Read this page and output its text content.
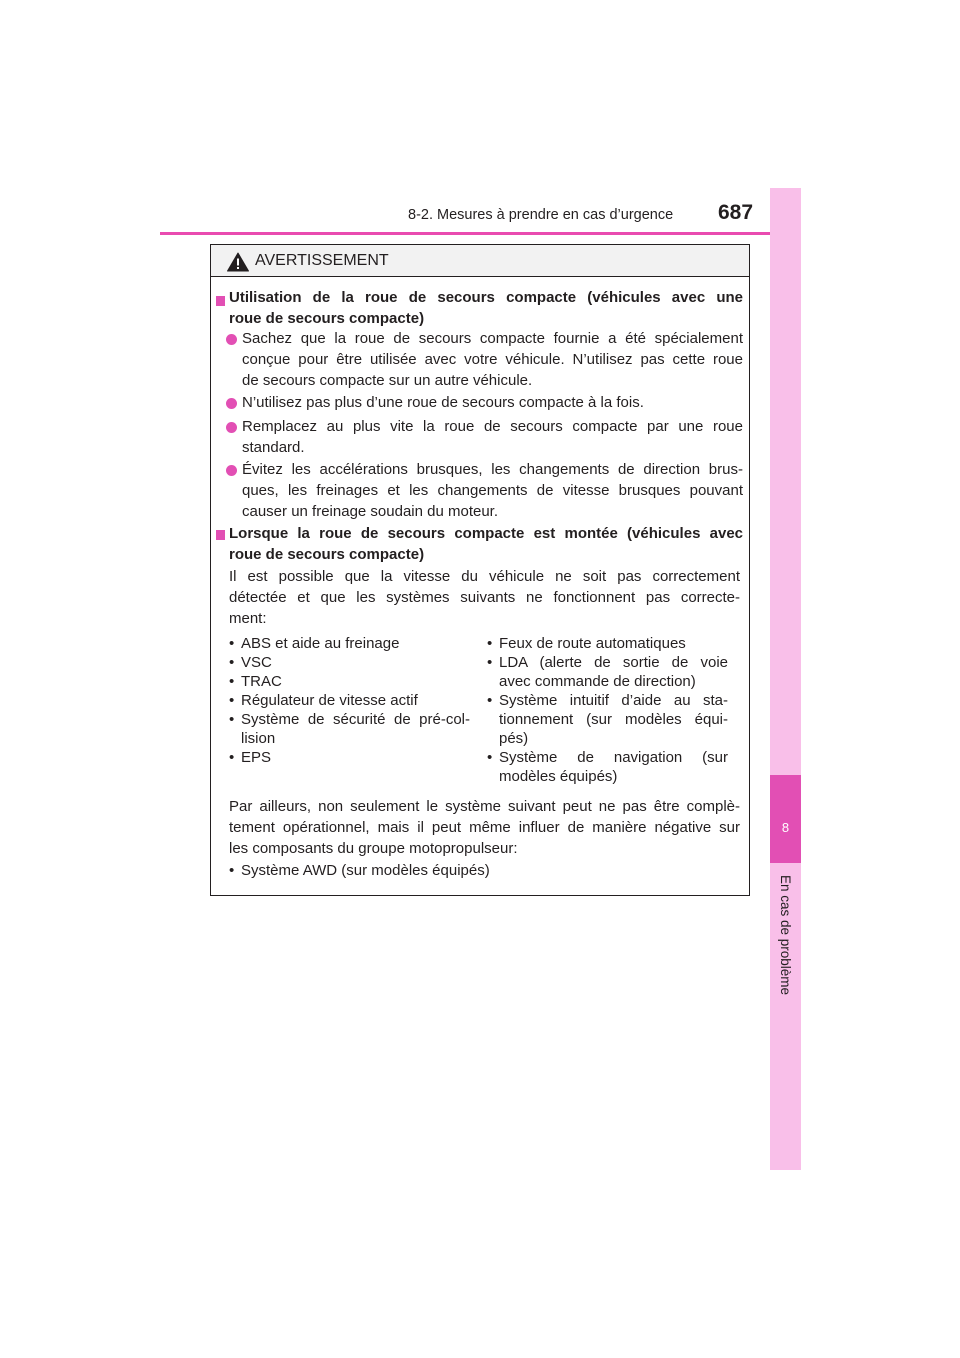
8-2. Mesures à prendre en cas d’urgence 687
8
En cas de problème
AVERTISSEMENT
Utilisation de la roue de secours compacte (véhicules avec une
roue de secours compacte)
Sachez que la roue de secours compacte fournie a été spécialement
conçue pour être utilisée avec votre véhicule. N’utilisez pas cette roue
de secours compacte sur un autre véhicule.
N’utilisez pas plus d’une roue de secours compacte à la fois.
Remplacez au plus vite la roue de secours compacte par une roue
standard.
Évitez les accélérations brusques, les changements de direction brus-
ques, les freinages et les changements de vitesse brusques pouvant
causer un freinage soudain du moteur.
Lorsque la roue de secours compacte est montée (véhicules avec
roue de secours compacte)
Il est possible que la vitesse du véhicule ne soit pas correctement
détectée et que les systèmes suivants ne fonctionnent pas correcte-
ment:
• ABS et aide au freinage
• VSC
• TRAC
• Régulateur de vitesse actif
• Système de sécurité de pré-col-
lision
• EPS
• Feux de route automatiques
• LDA (alerte de sortie de voie
avec commande de direction)
• Système intuitif d’aide au sta-
tionnement (sur modèles équi-
pés)
• Système de navigation (sur
modèles équipés)
Par ailleurs, non seulement le système suivant peut ne pas être complè-
tement opérationnel, mais il peut même influer de manière négative sur
les composants du groupe motopropulseur:
• Système AWD (sur modèles équipés)
